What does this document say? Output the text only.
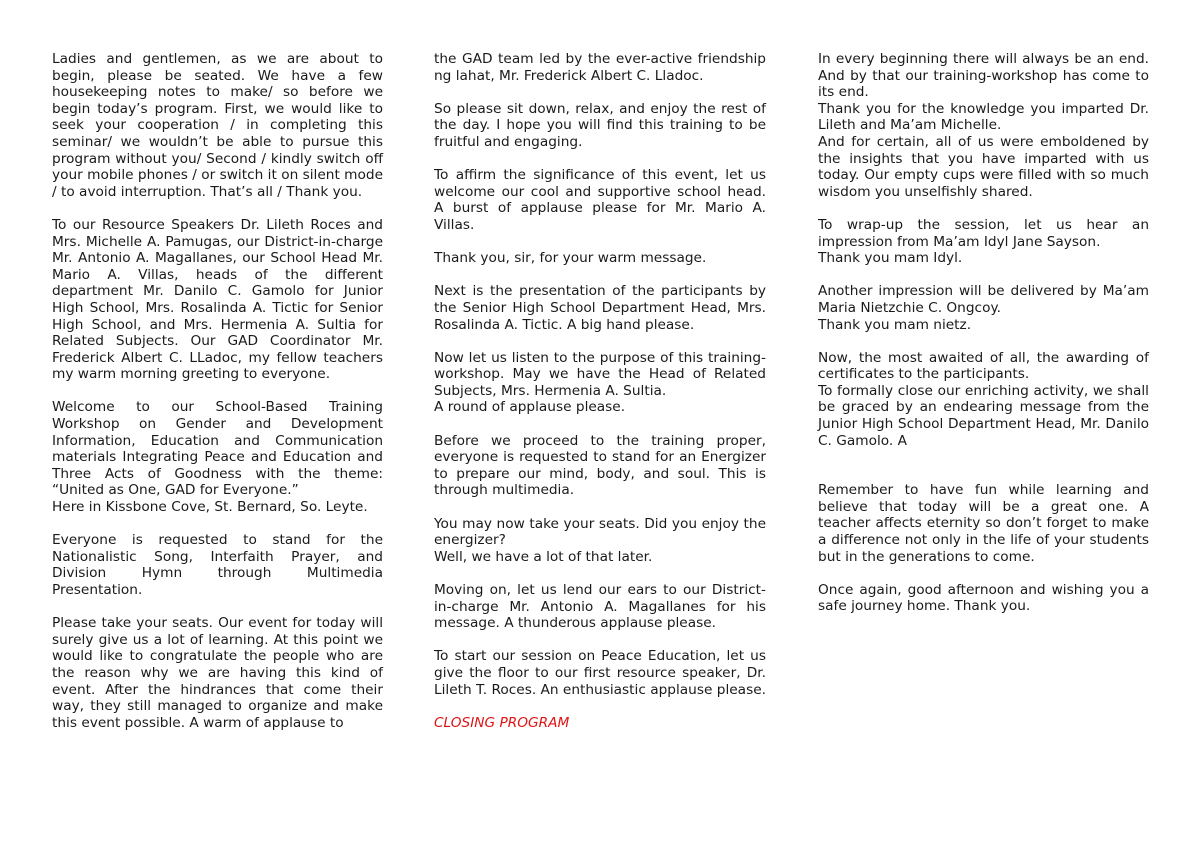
Ladies and gentlemen, as we are about to begin, please be seated. We have a few housekeeping notes to make/ so before we begin today’s program. First, we would like to seek your cooperation / in completing this seminar/ we wouldn’t be able to pursue this program without you/ Second / kindly switch off your mobile phones / or switch it on silent mode / to avoid interruption. That’s all / Thank you.

To our Resource Speakers Dr. Lileth Roces and Mrs. Michelle A. Pamugas, our District-in-charge Mr. Antonio A. Magallanes, our School Head Mr. Mario A. Villas, heads of the different department Mr. Danilo C. Gamolo for Junior High School, Mrs. Rosalinda A. Tictic for Senior High School, and Mrs. Hermenia A. Sultia for Related Subjects. Our GAD Coordinator Mr. Frederick Albert C. LLadoc, my fellow teachers my warm morning greeting to everyone.

Welcome to our School-Based Training Workshop on Gender and Development Information, Education and Communication materials Integrating Peace and Education and Three Acts of Goodness with the theme: “United as One, GAD for Everyone.”

Here in Kissbone Cove, St. Bernard, So. Leyte.

Everyone is requested to stand for the Nationalistic Song, Interfaith Prayer, and Division Hymn through Multimedia Presentation.

Please take your seats. Our event for today will surely give us a lot of learning. At this point we would like to congratulate the people who are the reason why we are having this kind of event. After the hindrances that come their way, they still managed to organize and make this event possible. A warm of applause to

the GAD team led by the ever-active friendship ng lahat, Mr. Frederick Albert C. Lladoc.

So please sit down, relax, and enjoy the rest of the day. I hope you will find this training to be fruitful and engaging.

To affirm the significance of this event, let us welcome our cool and supportive school head. A burst of applause please for Mr. Mario A. Villas.

Thank you, sir, for your warm message.

Next is the presentation of the participants by the Senior High School Department Head, Mrs. Rosalinda A. Tictic. A big hand please.

Now let us listen to the purpose of this training-workshop. May we have the Head of Related Subjects, Mrs. Hermenia A. Sultia.

A round of applause please.

Before we proceed to the training proper, everyone is requested to stand for an Energizer to prepare our mind, body, and soul. This is through multimedia.

You may now take your seats. Did you enjoy the energizer?

Well, we have a lot of that later.

Moving on, let us lend our ears to our District-in-charge Mr. Antonio A. Magallanes for his message. A thunderous applause please.

To start our session on Peace Education, let us give the floor to our first resource speaker, Dr. Lileth T. Roces. An enthusiastic applause please.

CLOSING PROGRAM

In every beginning there will always be an end. And by that our training-workshop has come to its end.

Thank you for the knowledge you imparted Dr. Lileth and Ma’am Michelle.

And for certain, all of us were emboldened by the insights that you have imparted with us today. Our empty cups were filled with so much wisdom you unselfishly shared.

To wrap-up the session, let us hear an impression from Ma’am Idyl Jane Sayson.

Thank you mam Idyl.

Another impression will be delivered by Ma’am Maria Nietzchie C. Ongcoy.

Thank you mam nietz.

Now, the most awaited of all, the awarding of certificates to the participants.

To formally close our enriching activity, we shall be graced by an endearing message from the Junior High School Department Head, Mr. Danilo C. Gamolo. A

Remember to have fun while learning and believe that today will be a great one. A teacher affects eternity so don’t forget to make a difference not only in the life of your students but in the generations to come.

Once again, good afternoon and wishing you a safe journey home. Thank you.
